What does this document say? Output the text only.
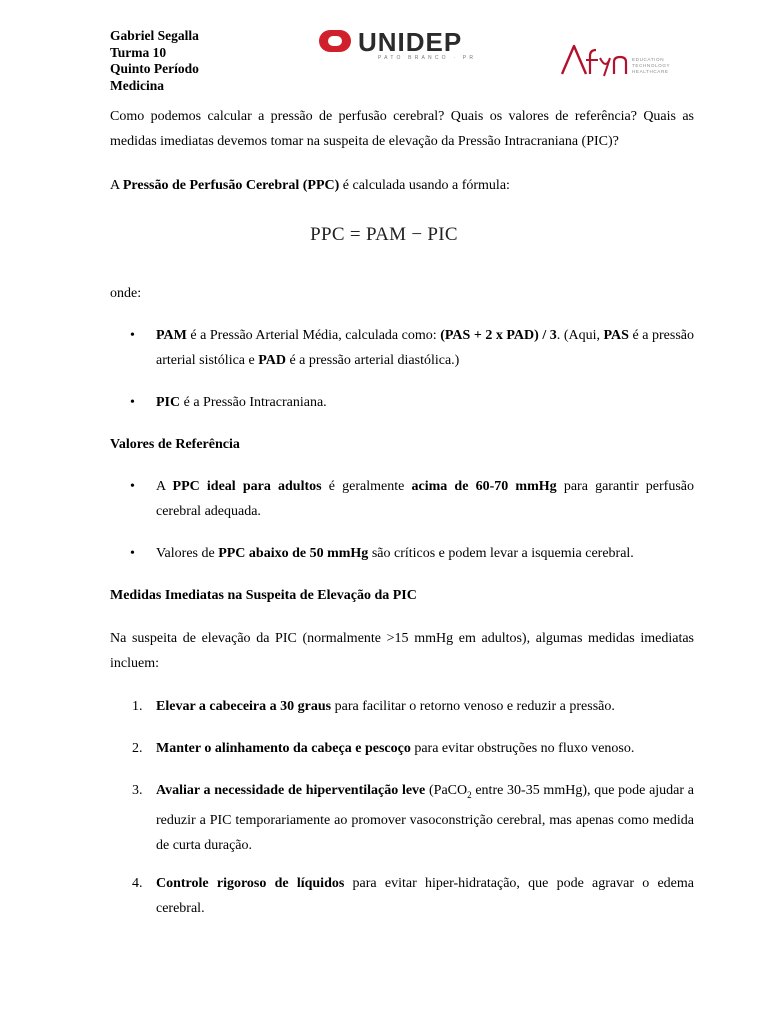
Gabriel Segalla
Turma 10
Quinto Período
Medicina
UNIDEP
PATO BRANCO · PR
Afya
EDUCATION
TECHNOLOGY
HEALTHCARE

Como podemos calcular a pressão de perfusão cerebral? Quais os valores de referência? Quais as medidas imediatas devemos tomar na suspeita de elevação da Pressão Intracraniana (PIC)?

A Pressão de Perfusão Cerebral (PPC) é calculada usando a fórmula:

PPC = PAM − PIC

onde:

•	PAM é a Pressão Arterial Média, calculada como: (PAS + 2 x PAD) / 3. (Aqui, PAS é a pressão arterial sistólica e PAD é a pressão arterial diastólica.)

•	PIC é a Pressão Intracraniana.

Valores de Referência

•	A PPC ideal para adultos é geralmente acima de 60-70 mmHg para garantir perfusão cerebral adequada.

•	Valores de PPC abaixo de 50 mmHg são críticos e podem levar a isquemia cerebral.

Medidas Imediatas na Suspeita de Elevação da PIC

Na suspeita de elevação da PIC (normalmente >15 mmHg em adultos), algumas medidas imediatas incluem:

1. Elevar a cabeceira a 30 graus para facilitar o retorno venoso e reduzir a pressão.

2. Manter o alinhamento da cabeça e pescoço para evitar obstruções no fluxo venoso.

3. Avaliar a necessidade de hiperventilação leve (PaCO$_2$ entre 30-35 mmHg), que pode ajudar a reduzir a PIC temporariamente ao promover vasoconstrição cerebral, mas apenas como medida de curta duração.

4. Controle rigoroso de líquidos para evitar hiper-hidratação, que pode agravar o edema cerebral.
